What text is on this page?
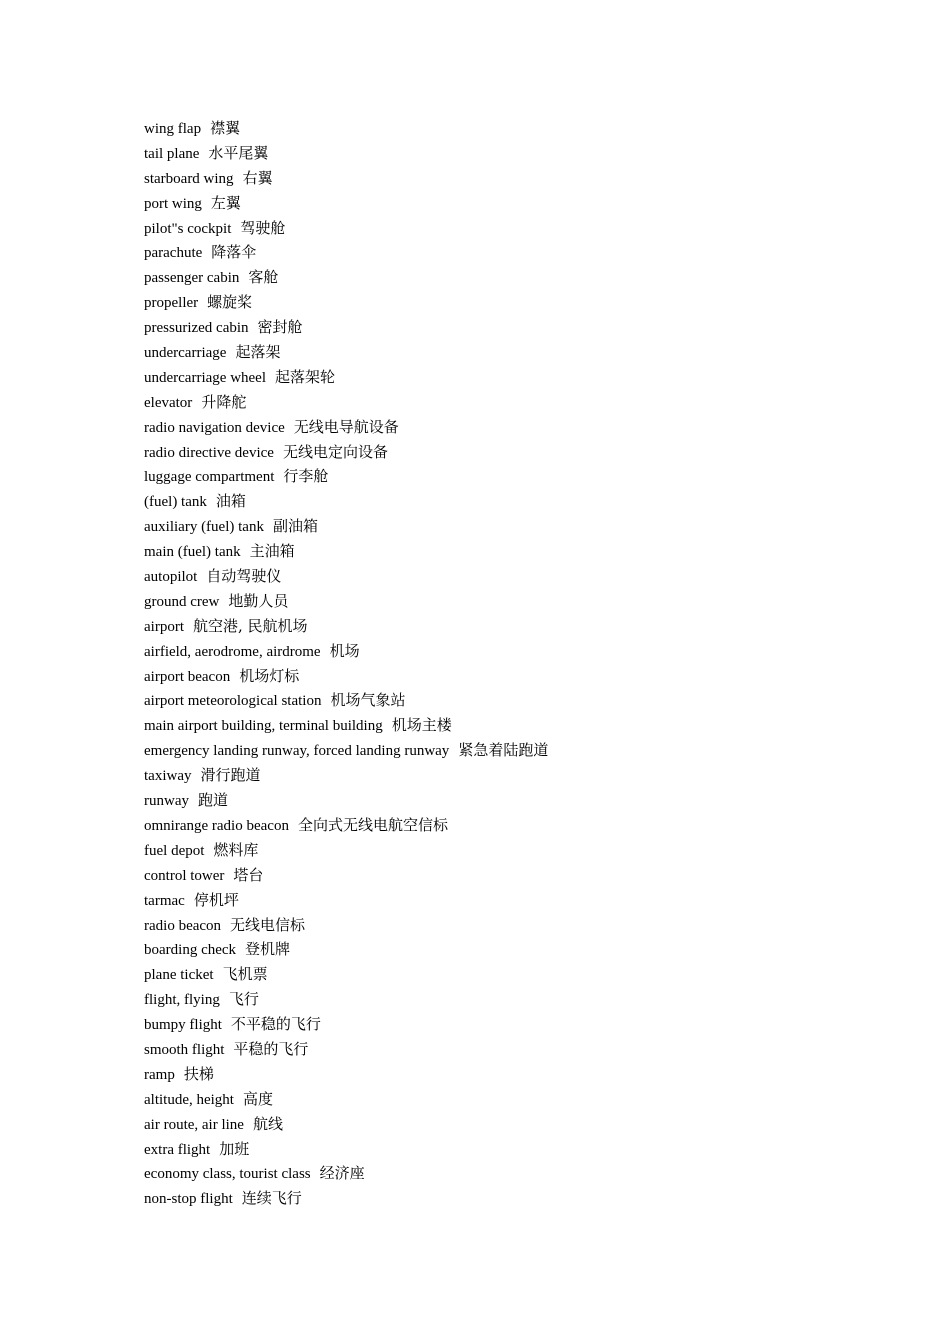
wing flap 襟翼
tail plane 水平尾翼
starboard wing 右翼
port wing 左翼
pilot"s cockpit 驾驶舱
parachute 降落伞
passenger cabin 客舱
propeller 螺旋桨
pressurized cabin 密封舱
undercarriage 起落架
undercarriage wheel 起落架轮
elevator 升降舵
radio navigation device 无线电导航设备
radio directive device 无线电定向设备
luggage compartment 行李舱
(fuel) tank 油箱
auxiliary (fuel) tank 副油箱
main (fuel) tank 主油箱
autopilot 自动驾驶仪
ground crew 地勤人员
airport 航空港, 民航机场
airfield, aerodrome, airdrome 机场
airport beacon 机场灯标
airport meteorological station 机场气象站
main airport building, terminal building 机场主楼
emergency landing runway, forced landing runway 紧急着陆跑道
taxiway 滑行跑道
runway 跑道
omnirange radio beacon 全向式无线电航空信标
fuel depot 燃料库
control tower 塔台
tarmac 停机坪
radio beacon 无线电信标
boarding check 登机牌
plane ticket 飞机票
flight, flying 飞行
bumpy flight 不平稳的飞行
smooth flight 平稳的飞行
ramp 扶梯
altitude, height 高度
air route, air line 航线
extra flight 加班
economy class, tourist class 经济座
non-stop flight 连续飞行
